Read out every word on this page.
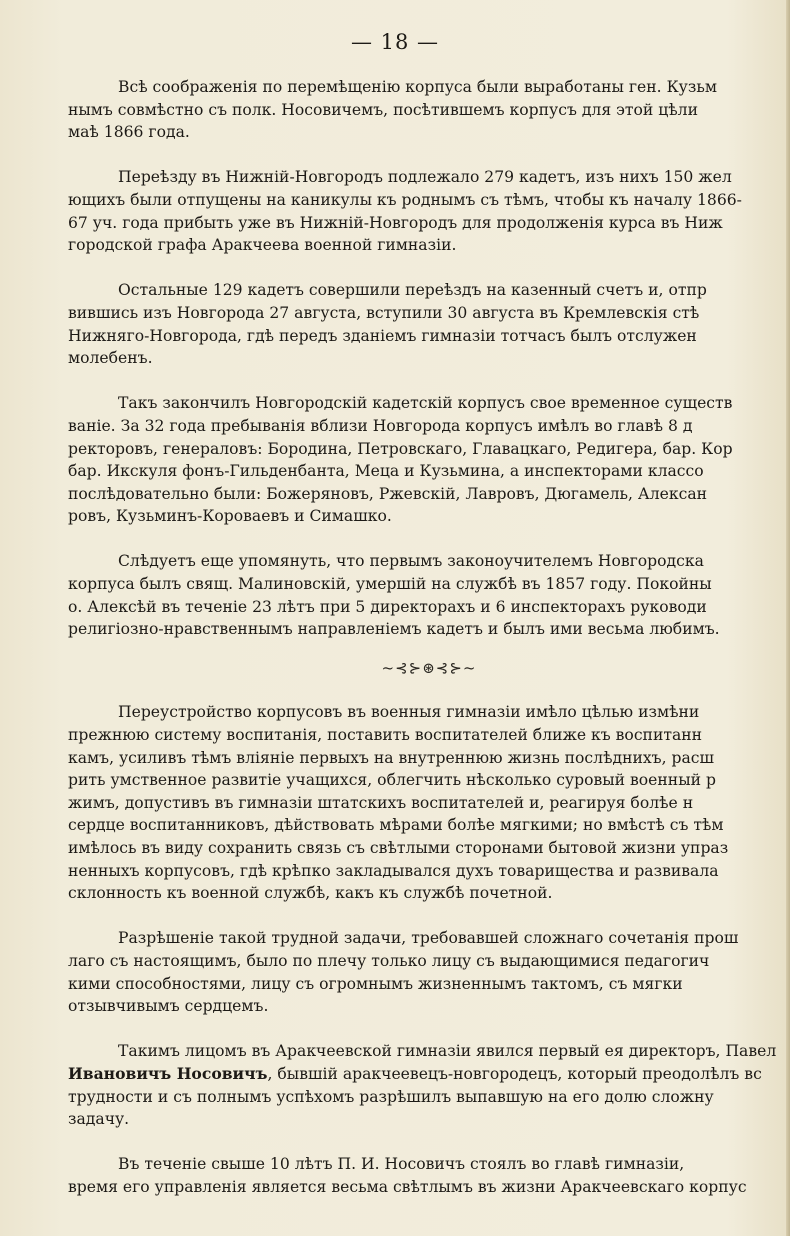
— 18 —
Всѣ соображенія по перемѣщенію корпуса были выработаны ген. Кузьм
нымъ совмѣстно съ полк. Носовичемъ, посѣтившемъ корпусъ для этой цѣли
маѣ 1866 года.
Переѣзду въ Нижній-Новгородъ подлежало 279 кадетъ, изъ нихъ 150 жел
ющихъ были отпущены на каникулы къ роднымъ съ тѣмъ, чтобы къ началу 1866-
67 уч. года прибыть уже въ Нижній-Новгородъ для продолженія курса въ Ниж
городской графа Аракчеева военной гимназіи.
Остальные 129 кадетъ совершили переѣздъ на казенный счетъ и, отпр
вившись изъ Новгорода 27 августа, вступили 30 августа въ Кремлевскія стѣ
Нижняго-Новгорода, гдѣ передъ зданіемъ гимназіи тотчасъ былъ отслужен
молебенъ.
Такъ закончилъ Новгородскій кадетскій корпусъ свое временное существ
ваніе. За 32 года пребыванія вблизи Новгорода корпусъ имѣлъ во главѣ 8 д
ректоровъ, генераловъ: Бородина, Петровскаго, Главацкаго, Редигера, бар. Кор
бар. Икскуля фонъ-Гильденбанта, Меца и Кузьмина, а инспекторами классо
послѣдовательно были: Божеряновъ, Ржевскій, Лавровъ, Дюгамель, Алексан
ровъ, Кузьминъ-Короваевъ и Симашко.
Слѣдуетъ еще упомянуть, что первымъ законоучителемъ Новгородска
корпуса былъ свящ. Малиновскій, умершій на службѣ въ 1857 году. Покойны
о. Алексѣй въ теченіе 23 лѣтъ при 5 директорахъ и 6 инспекторахъ руководи
религіозно-нравственнымъ направленіемъ кадетъ и былъ ими весьма любимъ.
~⊰⊱⊛⊰⊱~
Переустройство корпусовъ въ военныя гимназіи имѣло цѣлью измѣни
прежнюю систему воспитанія, поставить воспитателей ближе къ воспитанн
камъ, усиливъ тѣмъ вліяніе первыхъ на внутреннюю жизнь послѣднихъ, расш
рить умственное развитіе учащихся, облегчить нѣсколько суровый военный р
жимъ, допустивъ въ гимназіи штатскихъ воспитателей и, реагируя болѣе н
сердце воспитанниковъ, дѣйствовать мѣрами болѣе мягкими; но вмѣстѣ съ тѣм
имѣлось въ виду сохранить связь съ свѣтлыми сторонами бытовой жизни упраз
ненныхъ корпусовъ, гдѣ крѣпко закладывался духъ товарищества и развивала
склонность къ военной службѣ, какъ къ службѣ почетной.
Разрѣшеніе такой трудной задачи, требовавшей сложнаго сочетанія прош
лаго съ настоящимъ, было по плечу только лицу съ выдающимися педагогич
кими способностями, лицу съ огромнымъ жизненнымъ тактомъ, съ мягки
отзывчивымъ сердцемъ.
Такимъ лицомъ въ Аракчеевской гимназіи явился первый ея директоръ, Павел
Ивановичъ Носовичъ, бывшій аракчеевецъ-новгородецъ, который преодолѣлъ вс
трудности и съ полнымъ успѣхомъ разрѣшилъ выпавшую на его долю сложну
задачу.
Въ теченіе свыше 10 лѣтъ П. И. Носовичъ стоялъ во главѣ гимназіи,
время его управленія является весьма свѣтлымъ въ жизни Аракчеевскаго корпус
